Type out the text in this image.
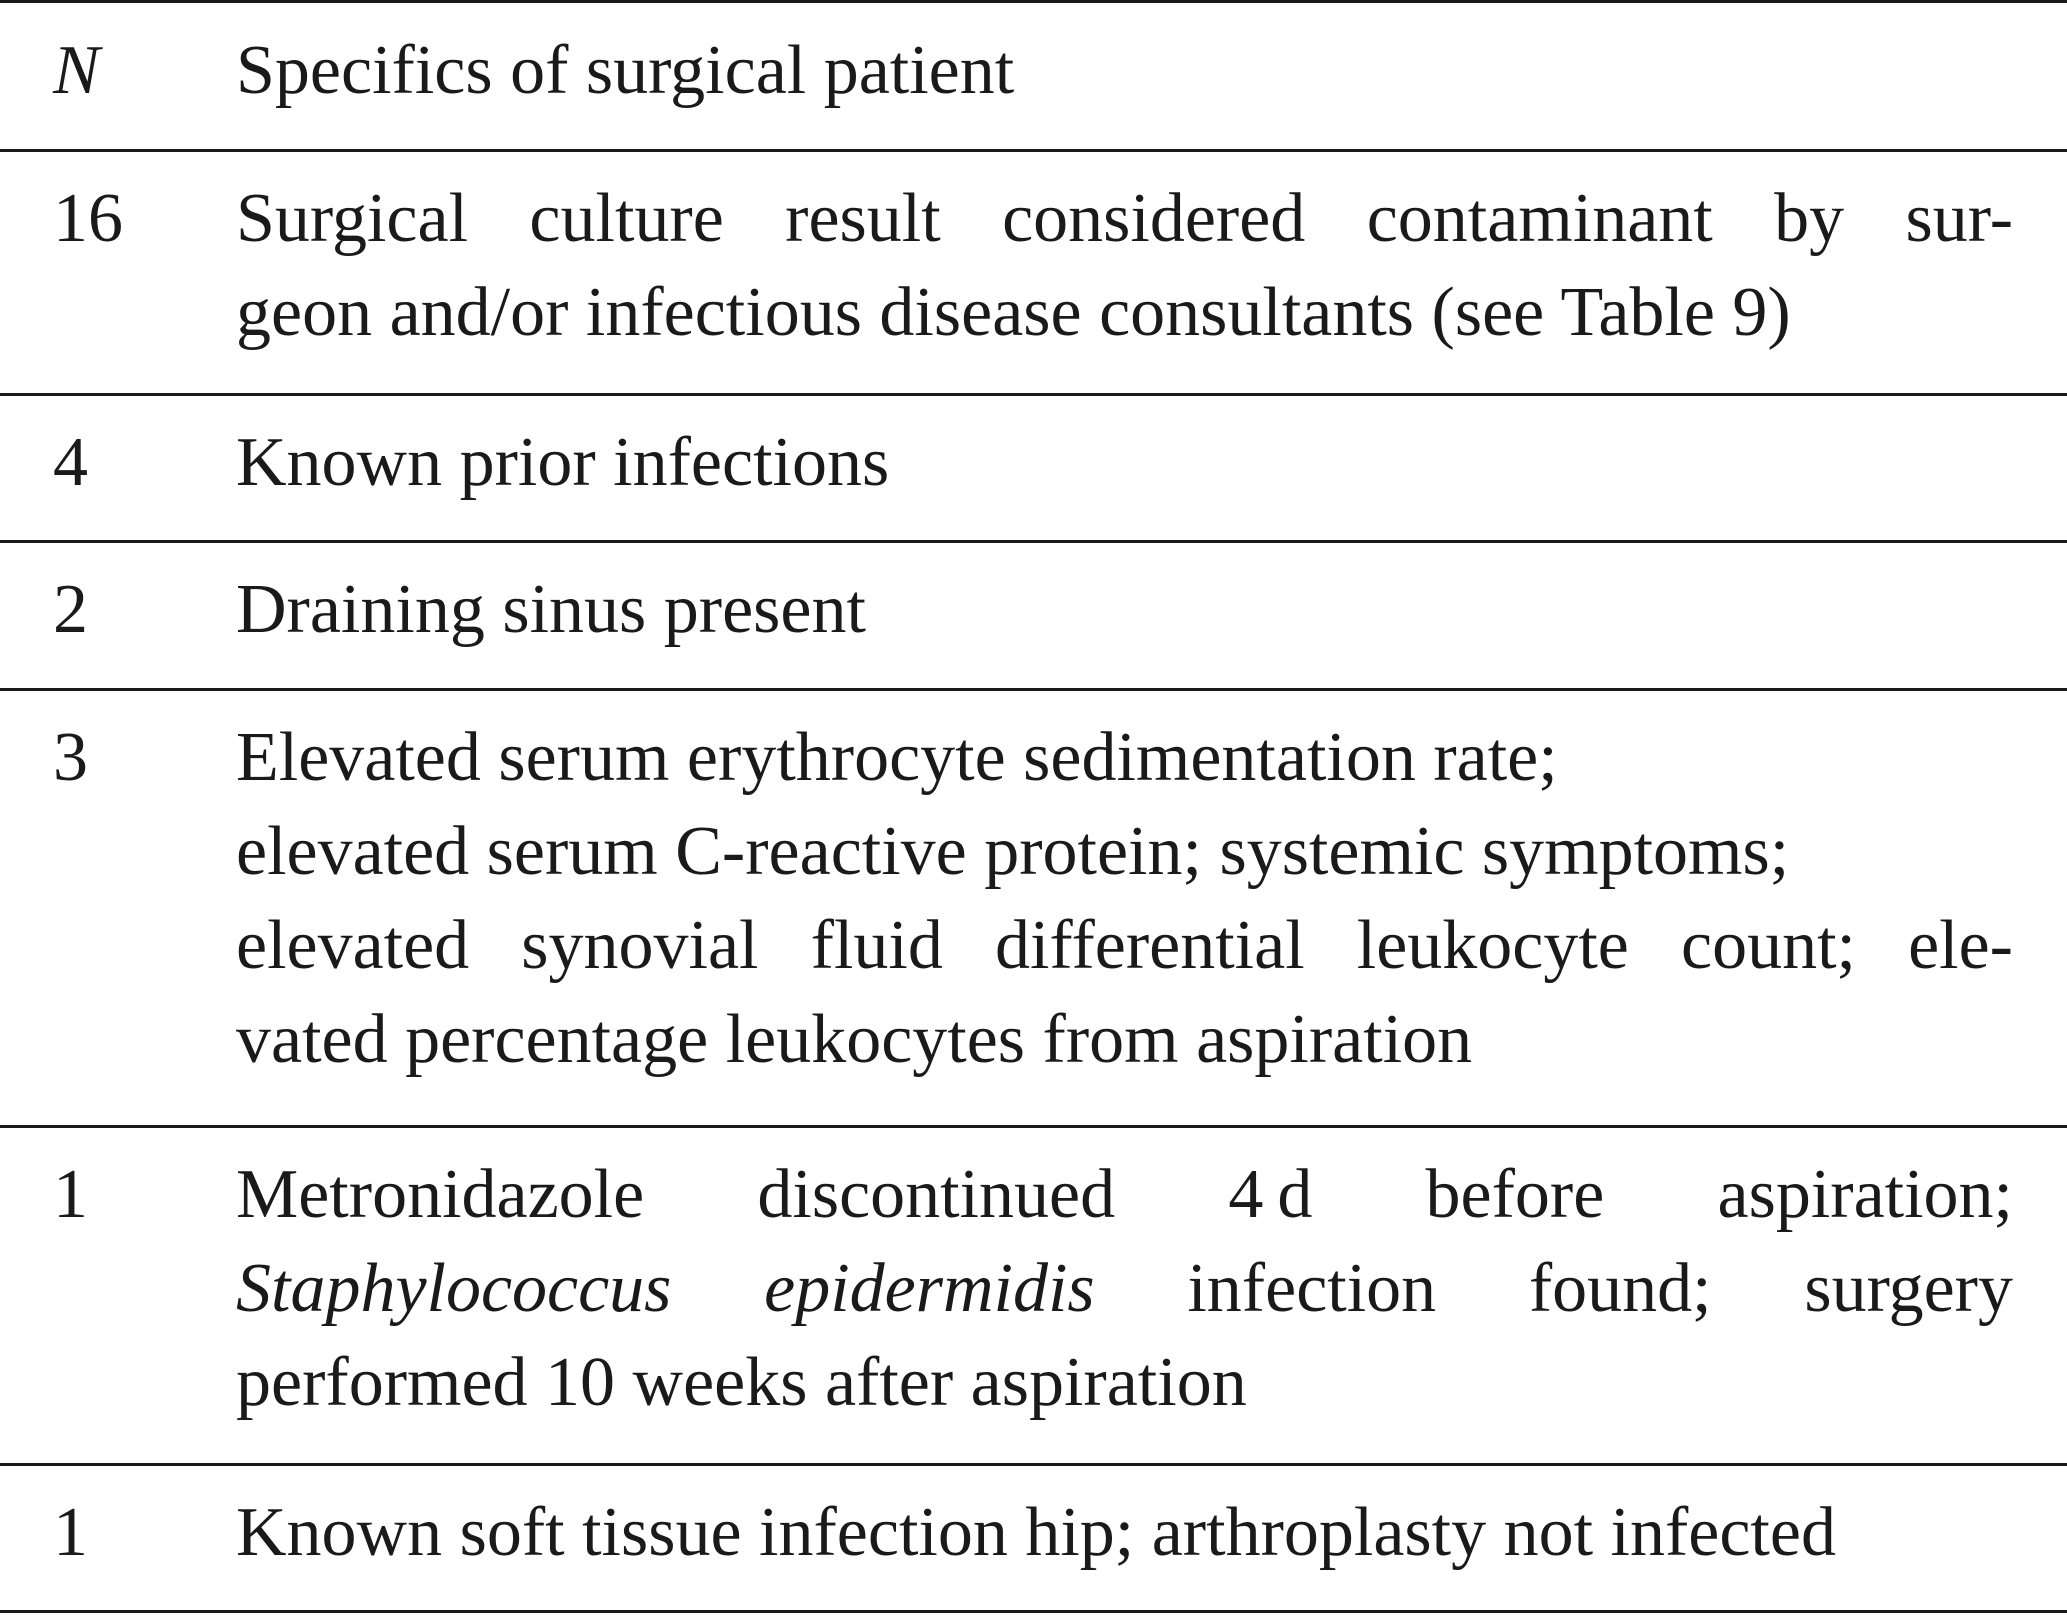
N Specifics of surgical patient
16 Surgical culture result considered contaminant by sur-
geon and/or infectious disease consultants (see Table 9)
4 Known prior infections
2 Draining sinus present
3 Elevated serum erythrocyte sedimentation rate;
elevated serum C-reactive protein; systemic symptoms;
elevated synovial fluid differential leukocyte count; ele-
vated percentage leukocytes from aspiration
1 Metronidazole discontinued 4 d before aspiration;
Staphylococcus epidermidis infection found; surgery
performed 10 weeks after aspiration
1 Known soft tissue infection hip; arthroplasty not infected
